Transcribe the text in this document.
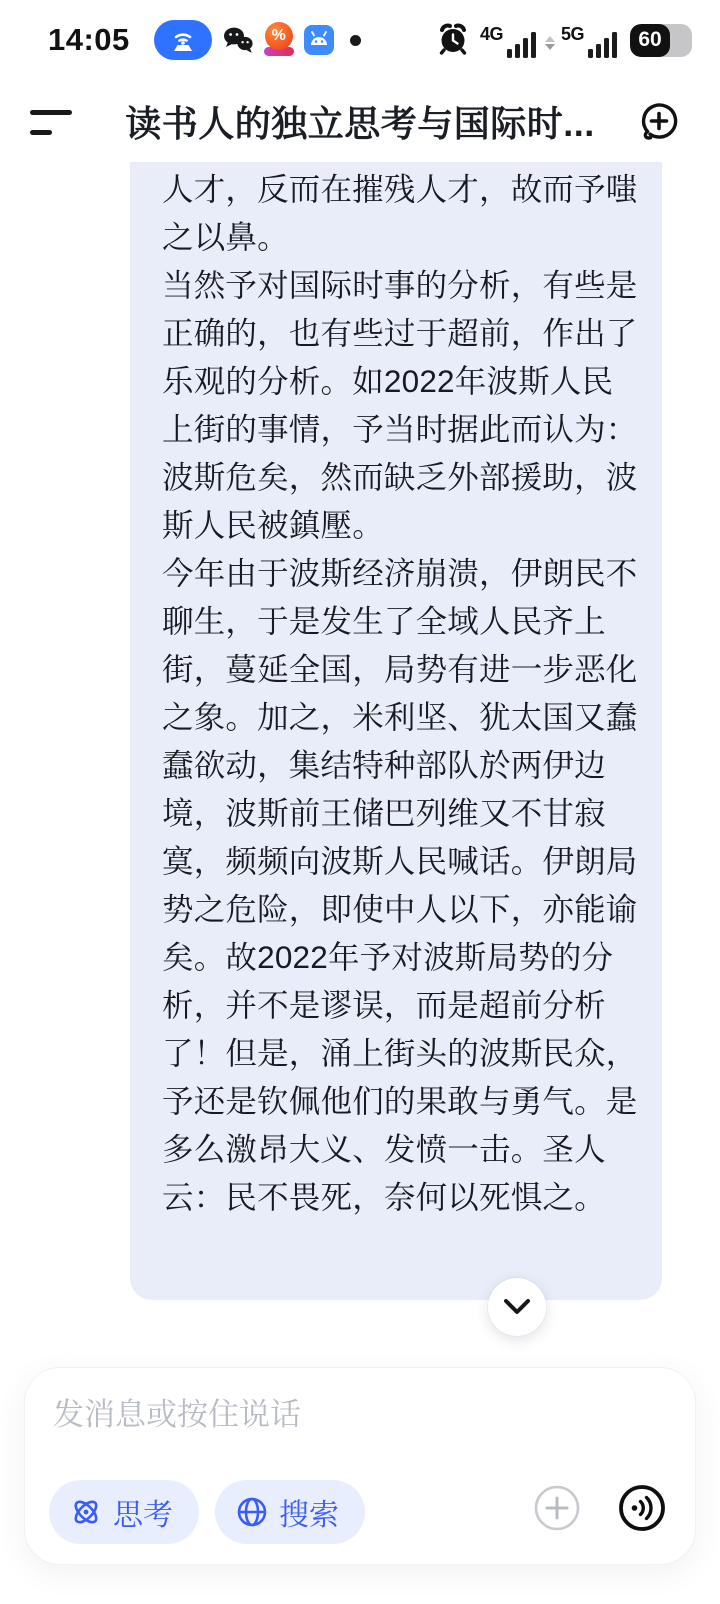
14:05	%	4G	5G	60
读书人的独立思考与国际时...

人才，反而在摧残人才，故而予嗤之以鼻。

当然予对国际时事的分析，有些是正确的，也有些过于超前，作出了乐观的分析。如2022年波斯人民上街的事情，予当时据此而认为：波斯危矣，然而缺乏外部援助，波斯人民被鎮壓。

今年由于波斯经济崩溃，伊朗民不聊生，于是发生了全域人民齐上街，蔓延全国，局势有进一步恶化之象。加之，米利坚、犹太国又蠢蠢欲动，集结特种部队於两伊边境，波斯前王储巴列维又不甘寂寞，频频向波斯人民喊话。伊朗局势之危险，即使中人以下，亦能谕矣。故2022年予对波斯局势的分析，并不是谬误，而是超前分析了！但是，涌上街头的波斯民众，予还是钦佩他们的果敢与勇气。是多么激昂大义、发愤一击。圣人云：民不畏死，奈何以死惧之。

发消息或按住说话
思考	搜索
